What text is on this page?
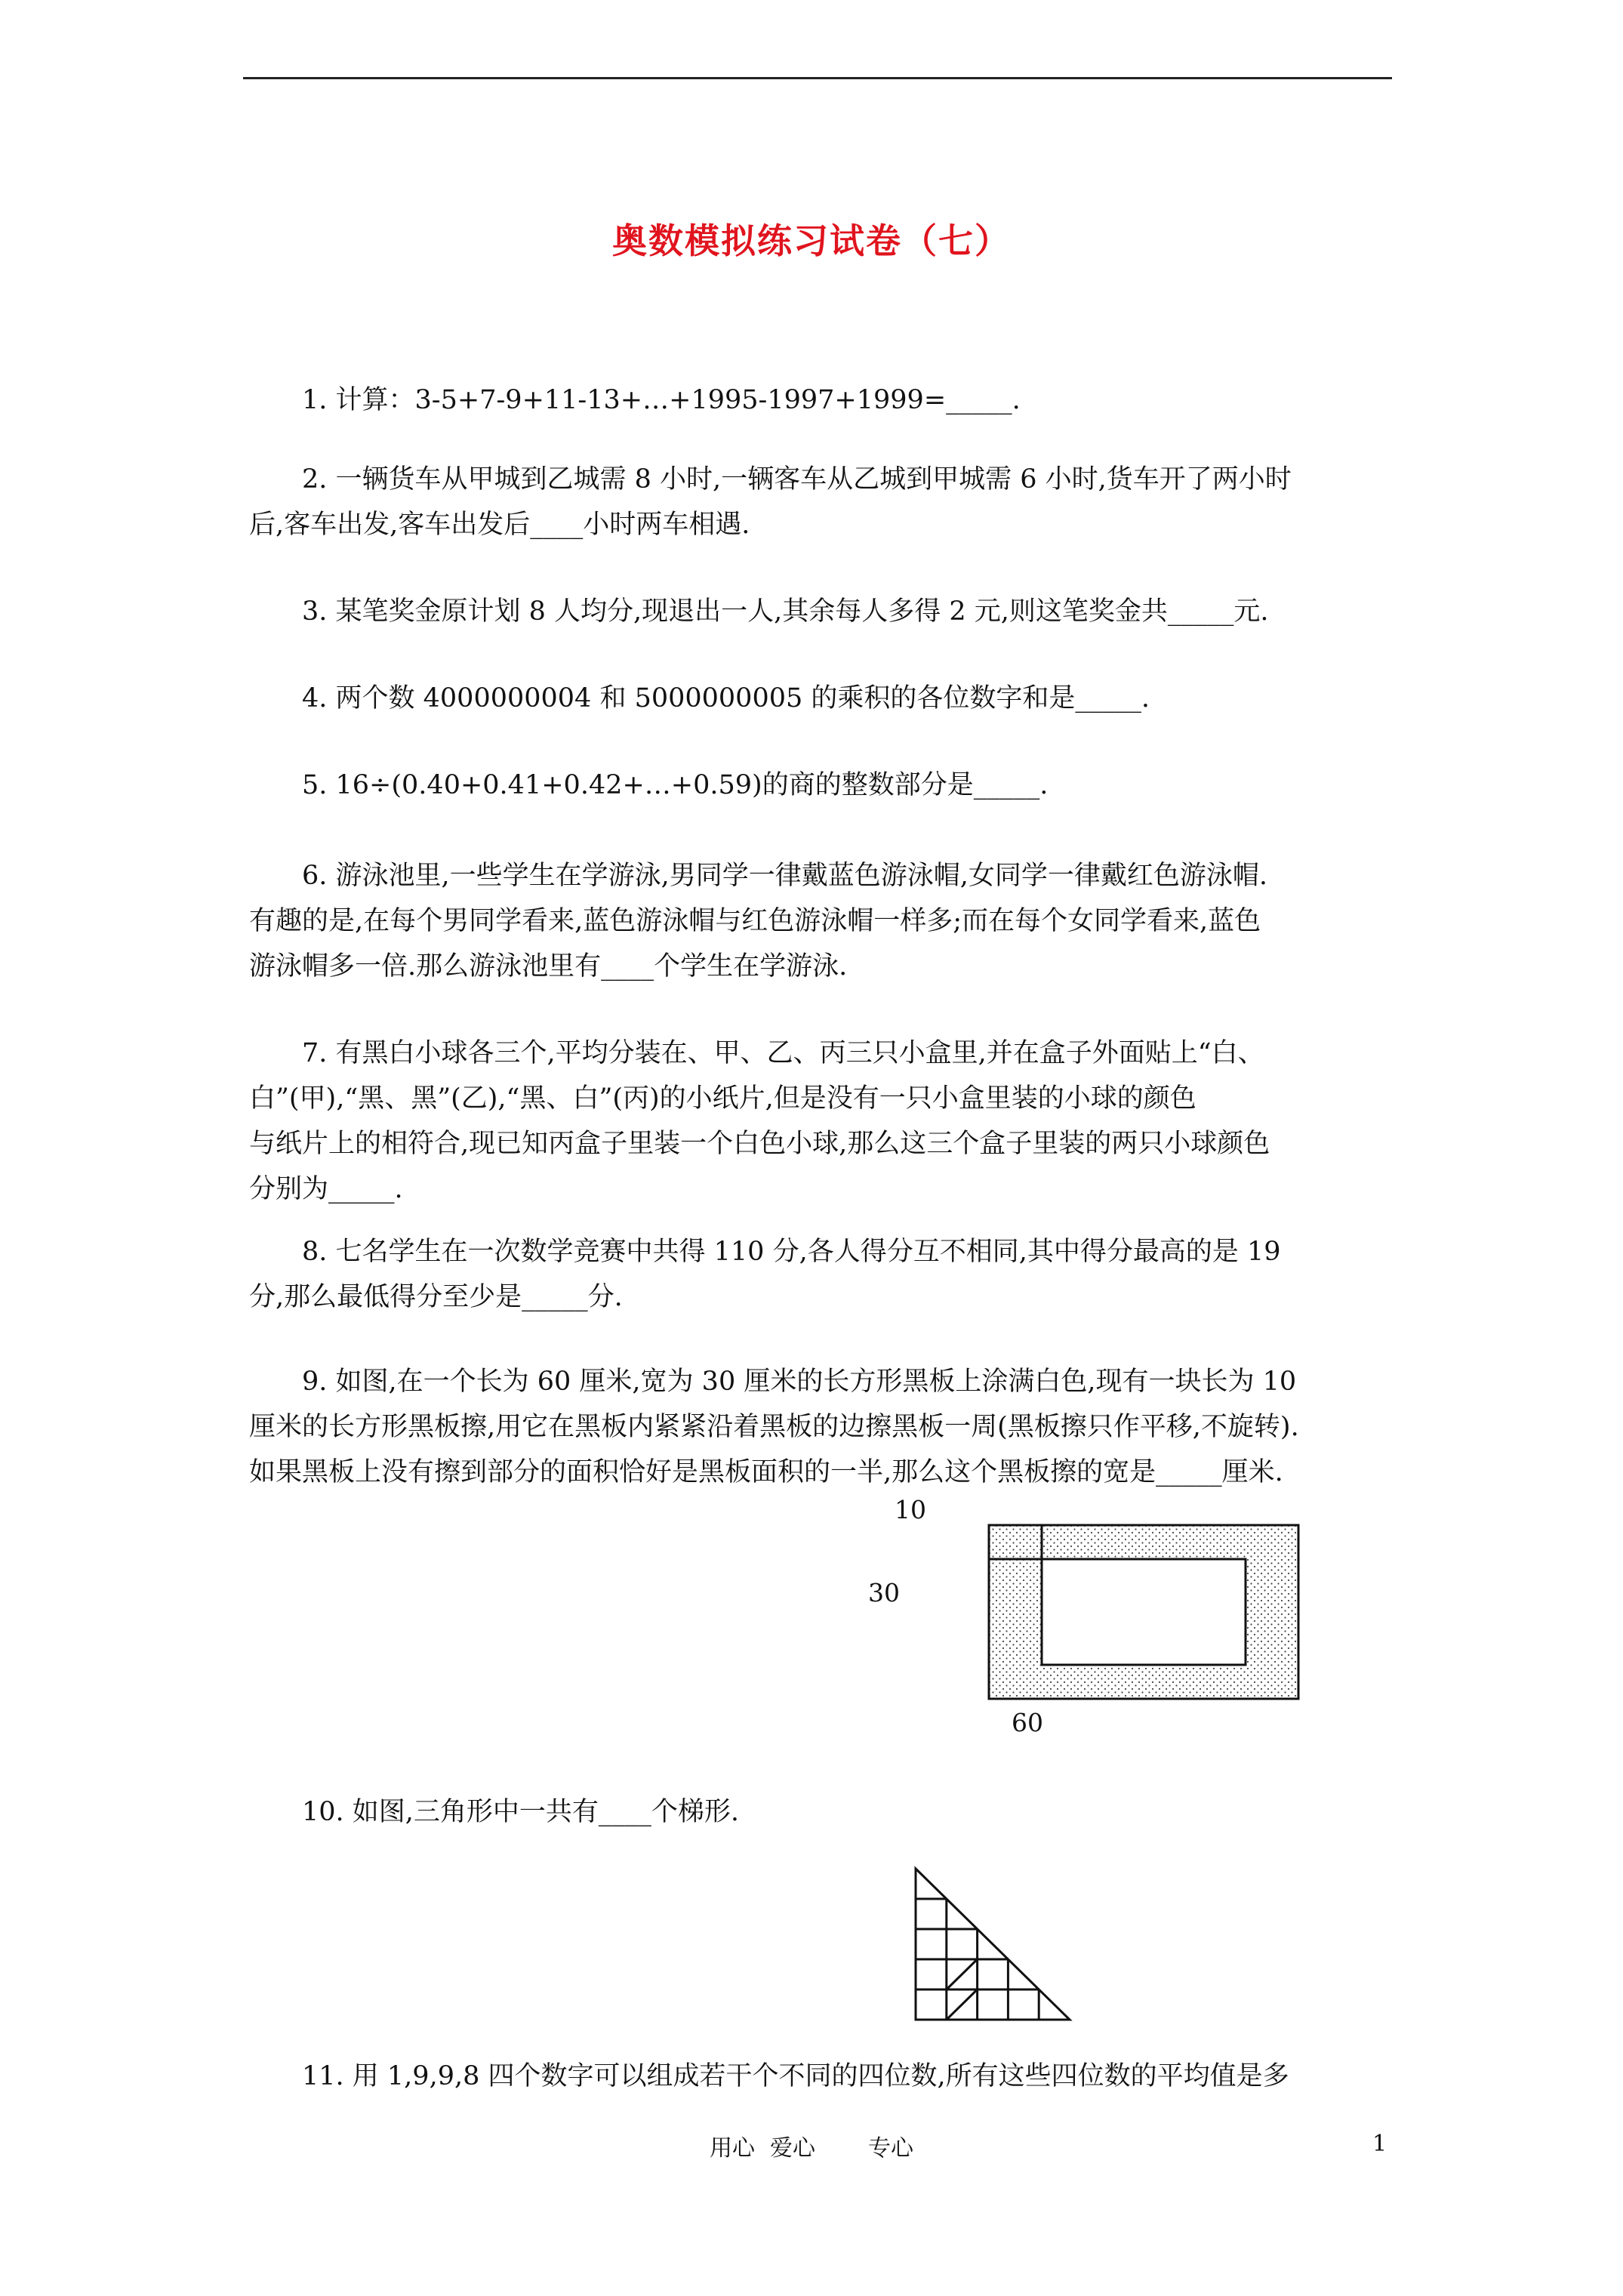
奥数模拟练习试卷（七）

1. 计算：3-5+7-9+11-13+…+1995-1997+1999=_____.

2. 一辆货车从甲城到乙城需 8 小时,一辆客车从乙城到甲城需 6 小时,货车开了两小时

后,客车出发,客车出发后____小时两车相遇.

3. 某笔奖金原计划 8 人均分,现退出一人,其余每人多得 2 元,则这笔奖金共_____元.

4. 两个数 4000000004 和 5000000005 的乘积的各位数字和是_____.

5. 16÷(0.40+0.41+0.42+…+0.59)的商的整数部分是_____.

6. 游泳池里,一些学生在学游泳,男同学一律戴蓝色游泳帽,女同学一律戴红色游泳帽.

有趣的是,在每个男同学看来,蓝色游泳帽与红色游泳帽一样多;而在每个女同学看来,蓝色

游泳帽多一倍.那么游泳池里有____个学生在学游泳.

7. 有黑白小球各三个,平均分装在、甲、乙、丙三只小盒里,并在盒子外面贴上“白、

白”(甲),“黑、黑”(乙),“黑、白”(丙)的小纸片,但是没有一只小盒里装的小球的颜色

与纸片上的相符合,现已知丙盒子里装一个白色小球,那么这三个盒子里装的两只小球颜色

分别为_____.

8. 七名学生在一次数学竞赛中共得 110 分,各人得分互不相同,其中得分最高的是 19

分,那么最低得分至少是_____分.

9. 如图,在一个长为 60 厘米,宽为 30 厘米的长方形黑板上涂满白色,现有一块长为 10

厘米的长方形黑板擦,用它在黑板内紧紧沿着黑板的边擦黑板一周(黑板擦只作平移,不旋转).

如果黑板上没有擦到部分的面积恰好是黑板面积的一半,那么这个黑板擦的宽是_____厘米.

10
30
60

10. 如图,三角形中一共有____个梯形.

11. 用 1,9,9,8 四个数字可以组成若干个不同的四位数,所有这些四位数的平均值是多

用心 爱心 专心	1
